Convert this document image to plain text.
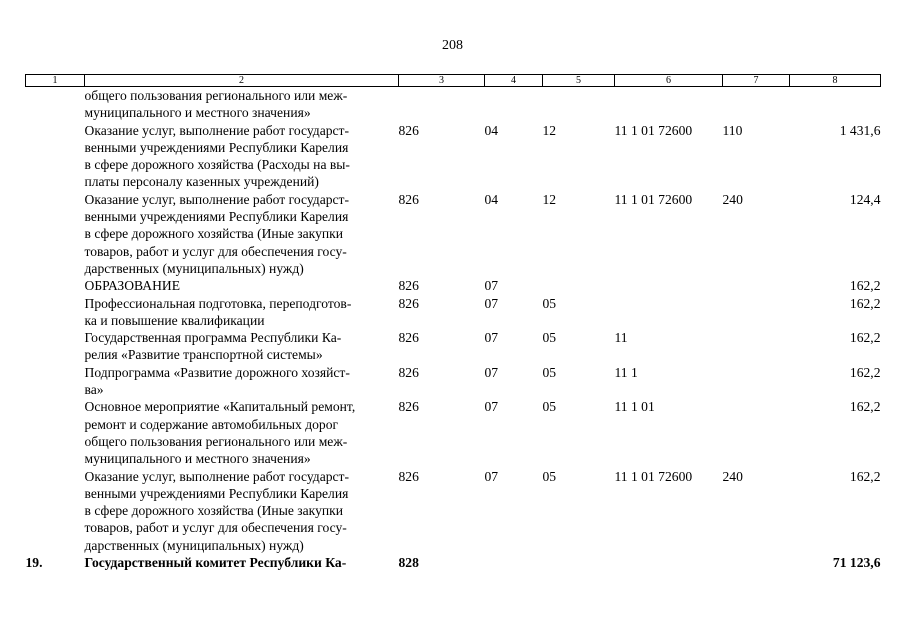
208
1	2	3	4	5	6	7	8
	общего пользования регионального или меж-
муниципального и местного значения»						
	Оказание услуг, выполнение работ государст-
венными учреждениями Республики Карелия
в сфере дорожного хозяйства (Расходы на вы-
платы персоналу казенных учреждений)	826	04	12	11 1 01 72600	110	1 431,6
	Оказание услуг, выполнение работ государст-
венными учреждениями Республики Карелия
в сфере дорожного хозяйства (Иные закупки
товаров, работ и услуг для обеспечения госу-
дарственных (муниципальных) нужд)	826	04	12	11 1 01 72600	240	124,4
	ОБРАЗОВАНИЕ	826	07				162,2
	Профессиональная подготовка, переподготов-
ка и повышение квалификации	826	07	05			162,2
	Государственная программа Республики Ка-
релия «Развитие транспортной системы»	826	07	05	11		162,2
	Подпрограмма «Развитие дорожного хозяйст-
ва»	826	07	05	11 1		162,2
	Основное мероприятие «Капитальный ремонт,
ремонт и содержание автомобильных дорог
общего пользования регионального или меж-
муниципального и местного значения»	826	07	05	11 1 01		162,2
	Оказание услуг, выполнение работ государст-
венными учреждениями Республики Карелия
в сфере дорожного хозяйства (Иные закупки
товаров, работ и услуг для обеспечения госу-
дарственных (муниципальных) нужд)	826	07	05	11 1 01 72600	240	162,2
19.	Государственный комитет Республики Ка-	828					71 123,6
